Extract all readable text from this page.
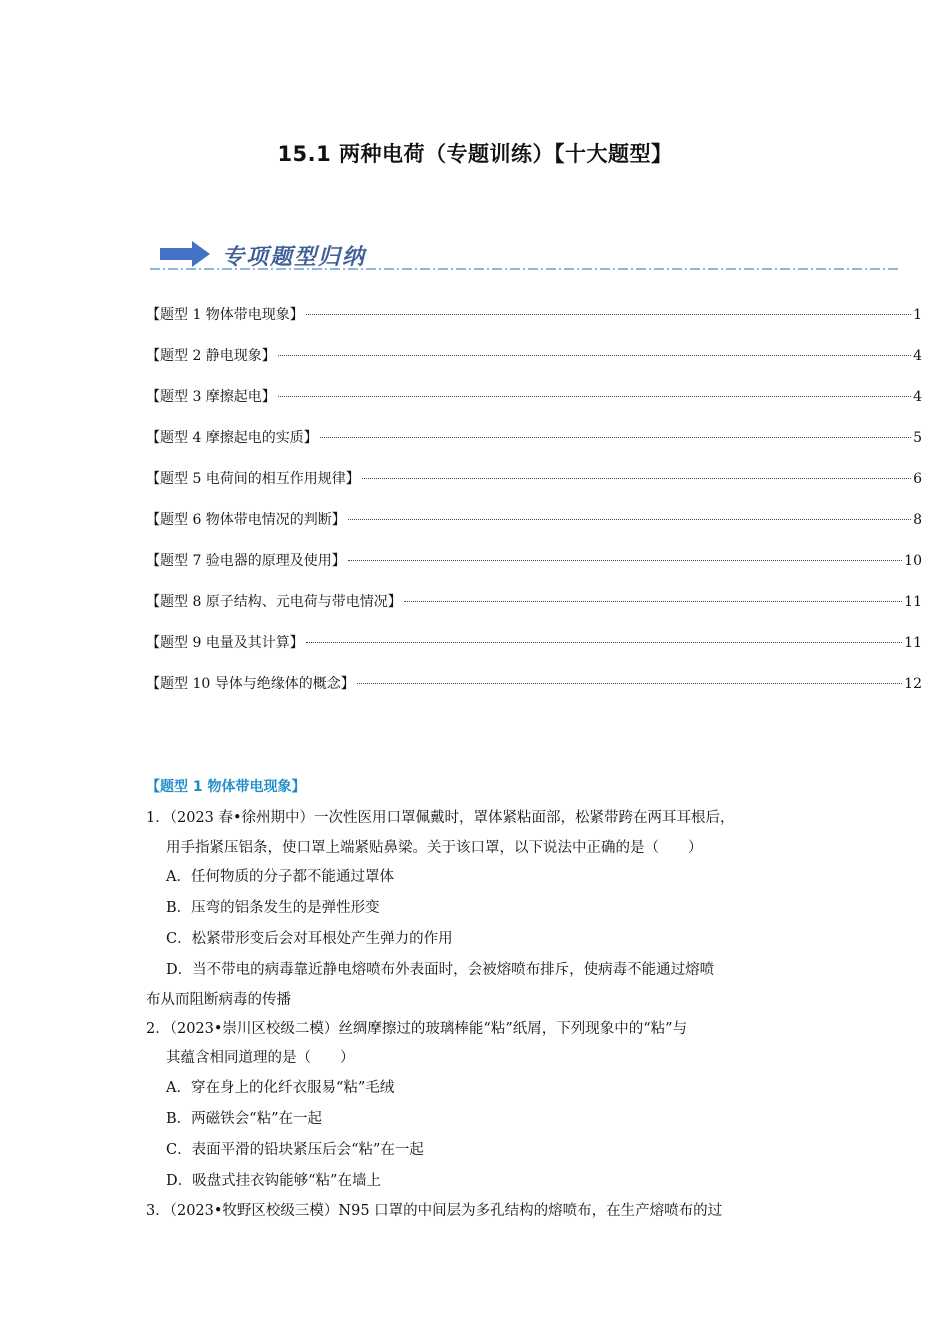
15.1 两种电荷（专题训练）【十大题型】
专项题型归纳
【题型 1 物体带电现象】	1
【题型 2 静电现象】	4
【题型 3 摩擦起电】	4
【题型 4 摩擦起电的实质】	5
【题型 5 电荷间的相互作用规律】	6
【题型 6 物体带电情况的判断】	8
【题型 7 验电器的原理及使用】	10
【题型 8 原子结构、元电荷与带电情况】	11
【题型 9 电量及其计算】	11
【题型 10 导体与绝缘体的概念】	12
【题型 1 物体带电现象】
1．（2023 春•徐州期中）一次性医用口罩佩戴时，罩体紧粘面部，松紧带跨在两耳耳根后，
用手指紧压铝条，使口罩上端紧贴鼻梁。关于该口罩，以下说法中正确的是（　　）
A．任何物质的分子都不能通过罩体
B．压弯的铝条发生的是弹性形变
C．松紧带形变后会对耳根处产生弹力的作用
D．当不带电的病毒靠近静电熔喷布外表面时，会被熔喷布排斥，使病毒不能通过熔喷
布从而阻断病毒的传播
2．（2023•崇川区校级二模）丝绸摩擦过的玻璃棒能“粘”纸屑，下列现象中的“粘”与
其蕴含相同道理的是（　　）
A．穿在身上的化纤衣服易“粘”毛绒
B．两磁铁会“粘”在一起
C．表面平滑的铅块紧压后会“粘”在一起
D．吸盘式挂衣钩能够“粘”在墙上
3．（2023•牧野区校级三模）N95 口罩的中间层为多孔结构的熔喷布，在生产熔喷布的过
